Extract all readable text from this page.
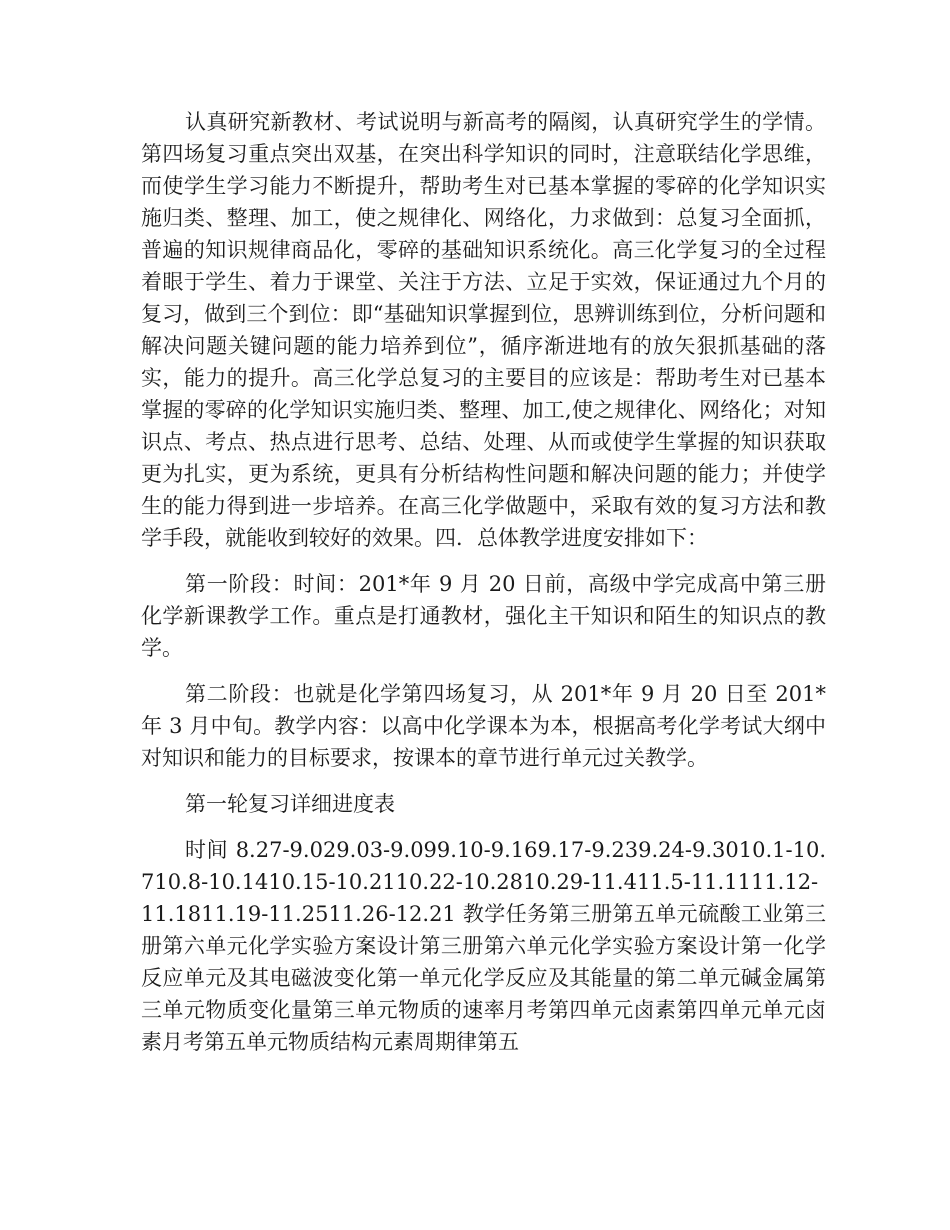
认真研究新教材、考试说明与新高考的隔阂，认真研究学生的学情。第四场复习重点突出双基，在突出科学知识的同时，注意联结化学思维，而使学生学习能力不断提升，帮助考生对已基本掌握的零碎的化学知识实施归类、整理、加工，使之规律化、网络化，力求做到：总复习全面抓，普遍的知识规律商品化，零碎的基础知识系统化。高三化学复习的全过程着眼于学生、着力于课堂、关注于方法、立足于实效，保证通过九个月的复习，做到三个到位：即“基础知识掌握到位，思辨训练到位，分析问题和解决问题关键问题的能力培养到位”，循序渐进地有的放矢狠抓基础的落实，能力的提升。高三化学总复习的主要目的应该是：帮助考生对已基本掌握的零碎的化学知识实施归类、整理、加工,使之规律化、网络化；对知识点、考点、热点进行思考、总结、处理、从而或使学生掌握的知识获取更为扎实，更为系统，更具有分析结构性问题和解决问题的能力；并使学生的能力得到进一步培养。在高三化学做题中，采取有效的复习方法和教学手段，就能收到较好的效果。四．总体教学进度安排如下：

第一阶段：时间：201*年 9 月 20 日前，高级中学完成高中第三册化学新课教学工作。重点是打通教材，强化主干知识和陌生的知识点的教学。

第二阶段：也就是化学第四场复习，从 201*年 9 月 20 日至 201*年 3 月中旬。教学内容：以高中化学课本为本，根据高考化学考试大纲中对知识和能力的目标要求，按课本的章节进行单元过关教学。

第一轮复习详细进度表

时间 8.27-9.029.03-9.099.10-9.169.17-9.239.24-9.3010.1-10.710.8-10.1410.15-10.2110.22-10.2810.29-11.411.5-11.1111.12-11.1811.19-11.2511.26-12.21 教学任务第三册第五单元硫酸工业第三册第六单元化学实验方案设计第三册第六单元化学实验方案设计第一化学反应单元及其电磁波变化第一单元化学反应及其能量的第二单元碱金属第三单元物质变化量第三单元物质的速率月考第四单元卤素第四单元单元卤素月考第五单元物质结构元素周期律第五
